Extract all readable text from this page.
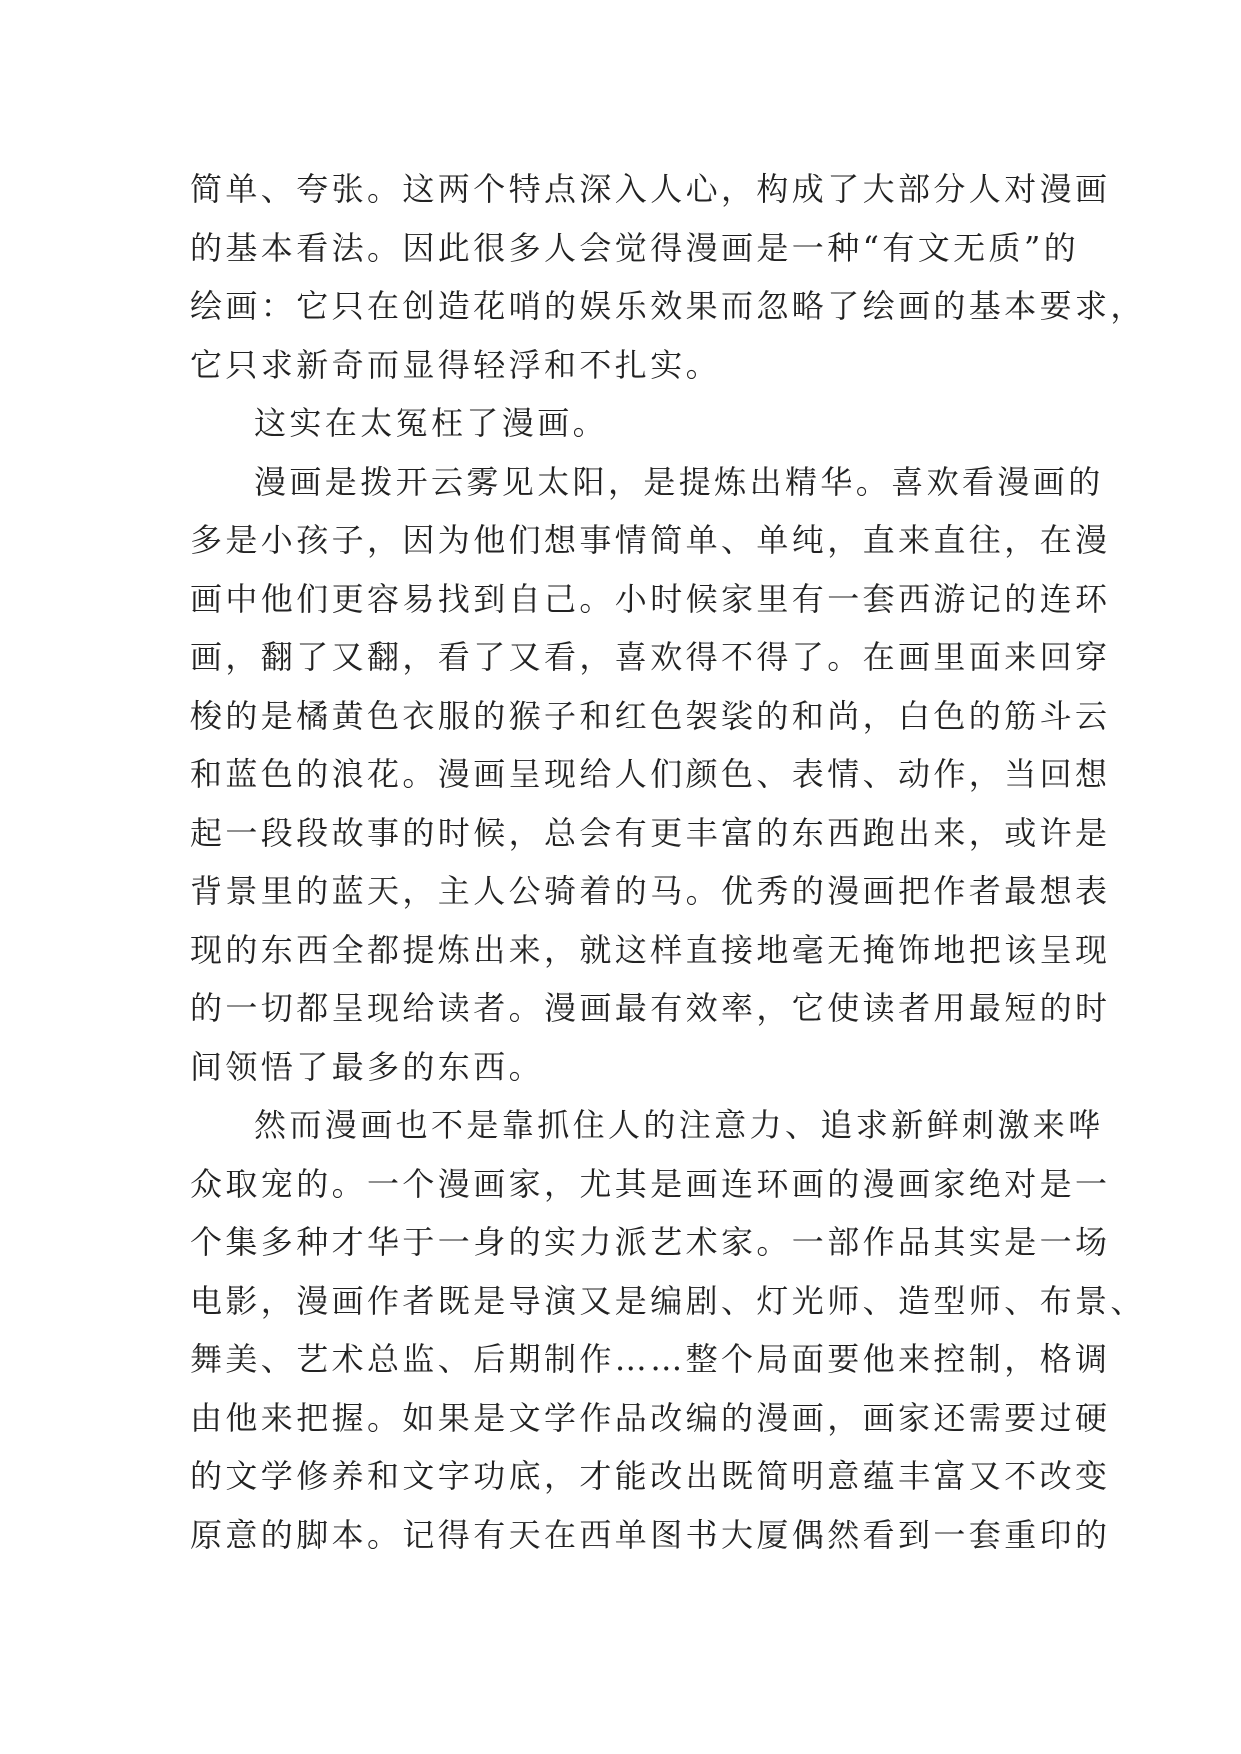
简单、夸张。这两个特点深入人心，构成了大部分人对漫画
的基本看法。因此很多人会觉得漫画是一种“有文无质”的
绘画：它只在创造花哨的娱乐效果而忽略了绘画的基本要求，
它只求新奇而显得轻浮和不扎实。
这实在太冤枉了漫画。
漫画是拨开云雾见太阳，是提炼出精华。喜欢看漫画的
多是小孩子，因为他们想事情简单、单纯，直来直往，在漫
画中他们更容易找到自己。小时候家里有一套西游记的连环
画，翻了又翻，看了又看，喜欢得不得了。在画里面来回穿
梭的是橘黄色衣服的猴子和红色袈裟的和尚，白色的筋斗云
和蓝色的浪花。漫画呈现给人们颜色、表情、动作，当回想
起一段段故事的时候，总会有更丰富的东西跑出来，或许是
背景里的蓝天，主人公骑着的马。优秀的漫画把作者最想表
现的东西全都提炼出来，就这样直接地毫无掩饰地把该呈现
的一切都呈现给读者。漫画最有效率，它使读者用最短的时
间领悟了最多的东西。
然而漫画也不是靠抓住人的注意力、追求新鲜刺激来哗
众取宠的。一个漫画家，尤其是画连环画的漫画家绝对是一
个集多种才华于一身的实力派艺术家。一部作品其实是一场
电影，漫画作者既是导演又是编剧、灯光师、造型师、布景、
舞美、艺术总监、后期制作……整个局面要他来控制，格调
由他来把握。如果是文学作品改编的漫画，画家还需要过硬
的文学修养和文字功底，才能改出既简明意蕴丰富又不改变
原意的脚本。记得有天在西单图书大厦偶然看到一套重印的
